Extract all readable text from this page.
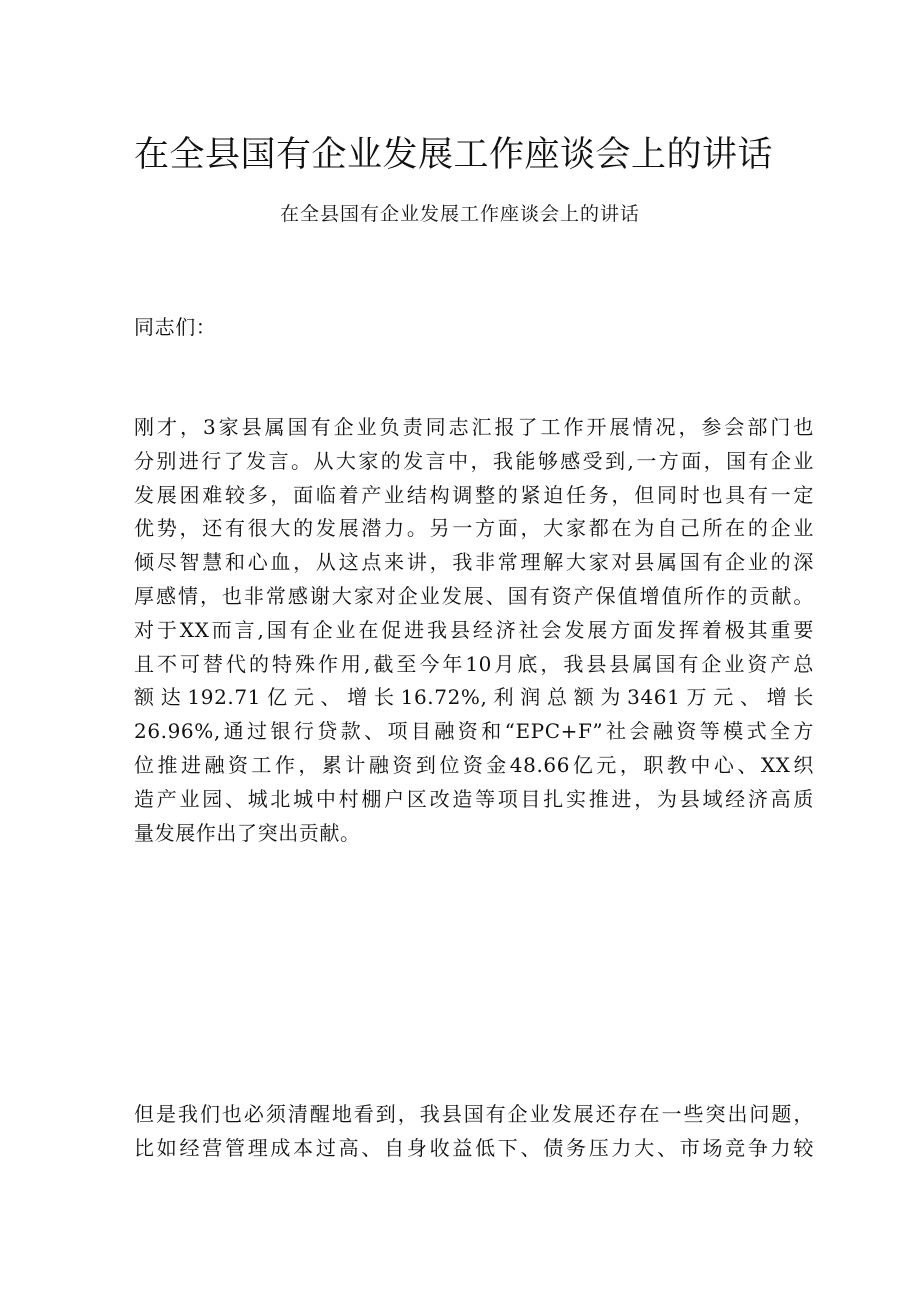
在全县国有企业发展工作座谈会上的讲话
在全县国有企业发展工作座谈会上的讲话

同志们：

刚才，3家县属国有企业负责同志汇报了工作开展情况，参会部门也
分别进行了发言。从大家的发言中，我能够感受到,一方面，国有企业
发展困难较多，面临着产业结构调整的紧迫任务，但同时也具有一定
优势，还有很大的发展潜力。另一方面，大家都在为自己所在的企业
倾尽智慧和心血，从这点来讲，我非常理解大家对县属国有企业的深
厚感情，也非常感谢大家对企业发展、国有资产保值增值所作的贡献。
对于XX而言,国有企业在促进我县经济社会发展方面发挥着极其重要
且不可替代的特殊作用,截至今年10月底，我县县属国有企业资产总
额达192.71亿元、增长16.72%,利润总额为3461万元、增长
26.96%,通过银行贷款、项目融资和“EPC+F”社会融资等模式全方
位推进融资工作，累计融资到位资金48.66亿元，职教中心、XX织
造产业园、城北城中村棚户区改造等项目扎实推进，为县域经济高质
量发展作出了突出贡献。
但是我们也必须清醒地看到，我县国有企业发展还存在一些突出问题，
比如经营管理成本过高、自身收益低下、债务压力大、市场竞争力较
